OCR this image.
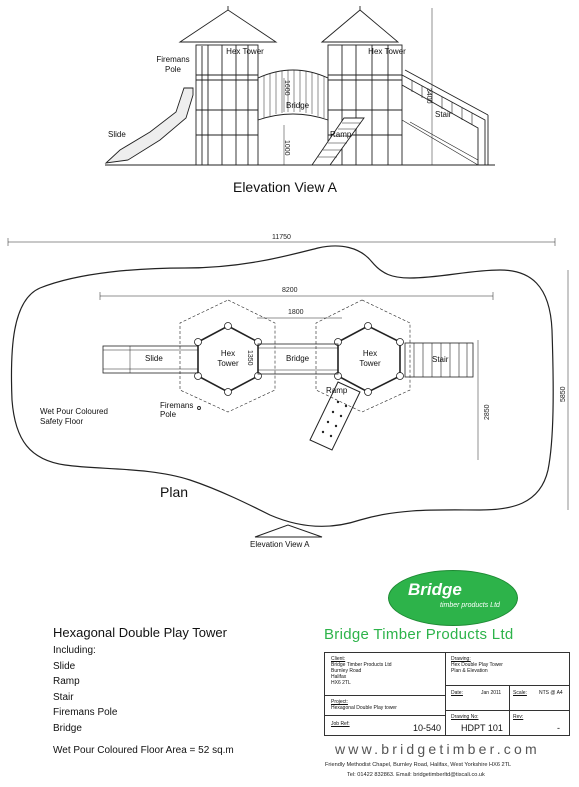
Firemans Pole
Hex Tower	Hex Tower
Bridge
Slide	Ramp
Stair
1600
1000
3400
Elevation View A
11750
8200
1800
1350
2850
5850
Slide
Hex Tower
Bridge
Hex Tower	Stair
Ramp
Firemans Pole
Wet Pour Coloured Safety Floor
Plan
Elevation View A
Bridge
timber products Ltd
Bridge Timber Products Ltd
Hexagonal Double Play Tower
Including:
Slide
Ramp
Stair
Firemans Pole
Bridge
Wet Pour Coloured Floor Area = 52 sq.m
Client:
Bridge Timber Products Ltd
Burnley Road
Halifax
HX6 2TL
Project:
Hexagonal Double Play tower
Job Ref:	10-540
Drawing:
Hex Double Play Tower
Plan & Elevation
Date:	Jan 2011 Scale: NTS @ A4
Drawing No:
HDPT 101
Rev:
-
www.bridgetimber.com
Friendly Methodist Chapel, Burnley Road, Halifax, West Yorkshire HX6 2TL
Tel: 01422 832863. Email: bridgetimberltd@tiscali.co.uk
